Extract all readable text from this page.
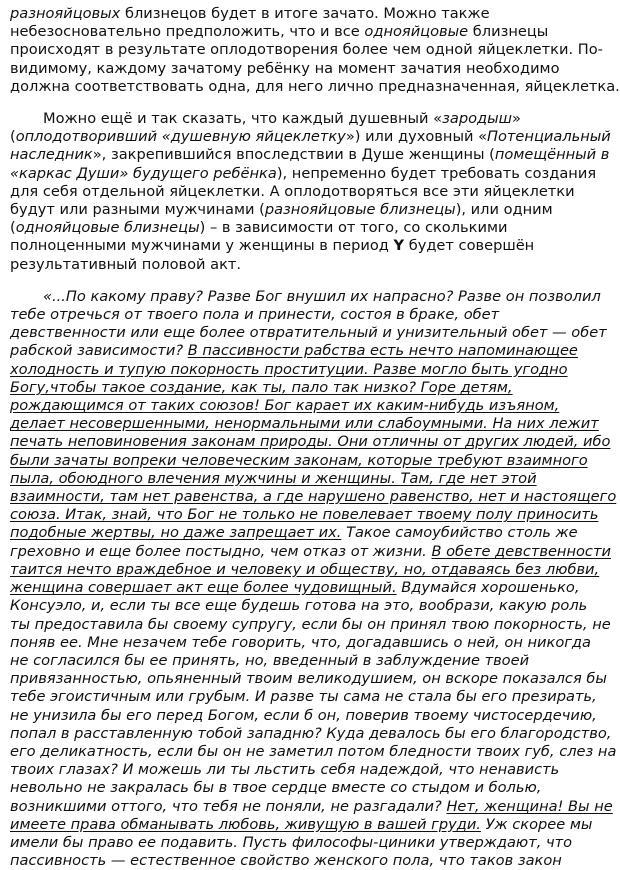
разнояйцовых близнецов будет в итоге зачато. Можно также
небезосновательно предположить, что и все однояйцовые близнецы
происходят в результате оплодотворения более чем одной яйцеклетки. По-
видимому, каждому зачатому ребёнку на момент зачатия необходимо
должна соответствовать одна, для него лично предназначенная, яйцеклетка.
Можно ещё и так сказать, что каждый душевный «зародыш»
(оплодотворивший «душевную яйцеклетку») или духовный «Потенциальный
наследник», закрепившийся впоследствии в Душе женщины (помещённый в
«каркас Души» будущего ребёнка), непременно будет требовать создания
для себя отдельной яйцеклетки. А оплодотворяться все эти яйцеклетки
будут или разными мужчинами (разнояйцовые близнецы), или одним
(однояйцовые близнецы) – в зависимости от того, со сколькими
полноценными мужчинами у женщины в период Y будет совершён
результативный половой акт.
«...По какому праву? Разве Бог внушил их напрасно? Разве он позволил
тебе отречься от твоего пола и принести, состоя в браке, обет
девственности или еще более отвратительный и унизительный обет — обет
рабской зависимости? В пассивности рабства есть нечто напоминающее
холодность и тупую покорность проституции. Разве могло быть угодно
Богу,чтобы такое создание, как ты, пало так низко? Горе детям,
рождающимся от таких союзов! Бог карает их каким-нибудь изъяном,
делает несовершенными, ненормальными или слабоумными. На них лежит
печать неповиновения законам природы. Они отличны от других людей, ибо
были зачаты вопреки человеческим законам, которые требуют взаимного
пыла, обоюдного влечения мужчины и женщины. Там, где нет этой
взаимности, там нет равенства, а где нарушено равенство, нет и настоящего
союза. Итак, знай, что Бог не только не повелевает твоему полу приносить
подобные жертвы, но даже запрещает их. Такое самоубийство столь же
греховно и еще более постыдно, чем отказ от жизни. В обете девственности
таится нечто враждебное и человеку и обществу, но, отдаваясь без любви,
женщина совершает акт еще более чудовищный. Вдумайся хорошенько,
Консуэло, и, если ты все еще будешь готова на это, вообрази, какую роль
ты предоставила бы своему супругу, если бы он принял твою покорность, не
поняв ее. Мне незачем тебе говорить, что, догадавшись о ней, он никогда
не согласился бы ее принять, но, введенный в заблуждение твоей
привязанностью, опьяненный твоим великодушием, он вскоре показался бы
тебе эгоистичным или грубым. И разве ты сама не стала бы его презирать,
не унизила бы его перед Богом, если б он, поверив твоему чистосердечию,
попал в расставленную тобой западню? Куда девалось бы его благородство,
его деликатность, если бы он не заметил потом бледности твоих губ, слез на
твоих глазах? И можешь ли ты льстить себя надеждой, что ненависть
невольно не закралась бы в твое сердце вместе со стыдом и болью,
возникшими оттого, что тебя не поняли, не разгадали? Нет, женщина! Вы не
имеете права обманывать любовь, живущую в вашей груди. Уж скорее мы
имели бы право ее подавить. Пусть философы-циники утверждают, что
пассивность — естественное свойство женского пола, что таков закон
